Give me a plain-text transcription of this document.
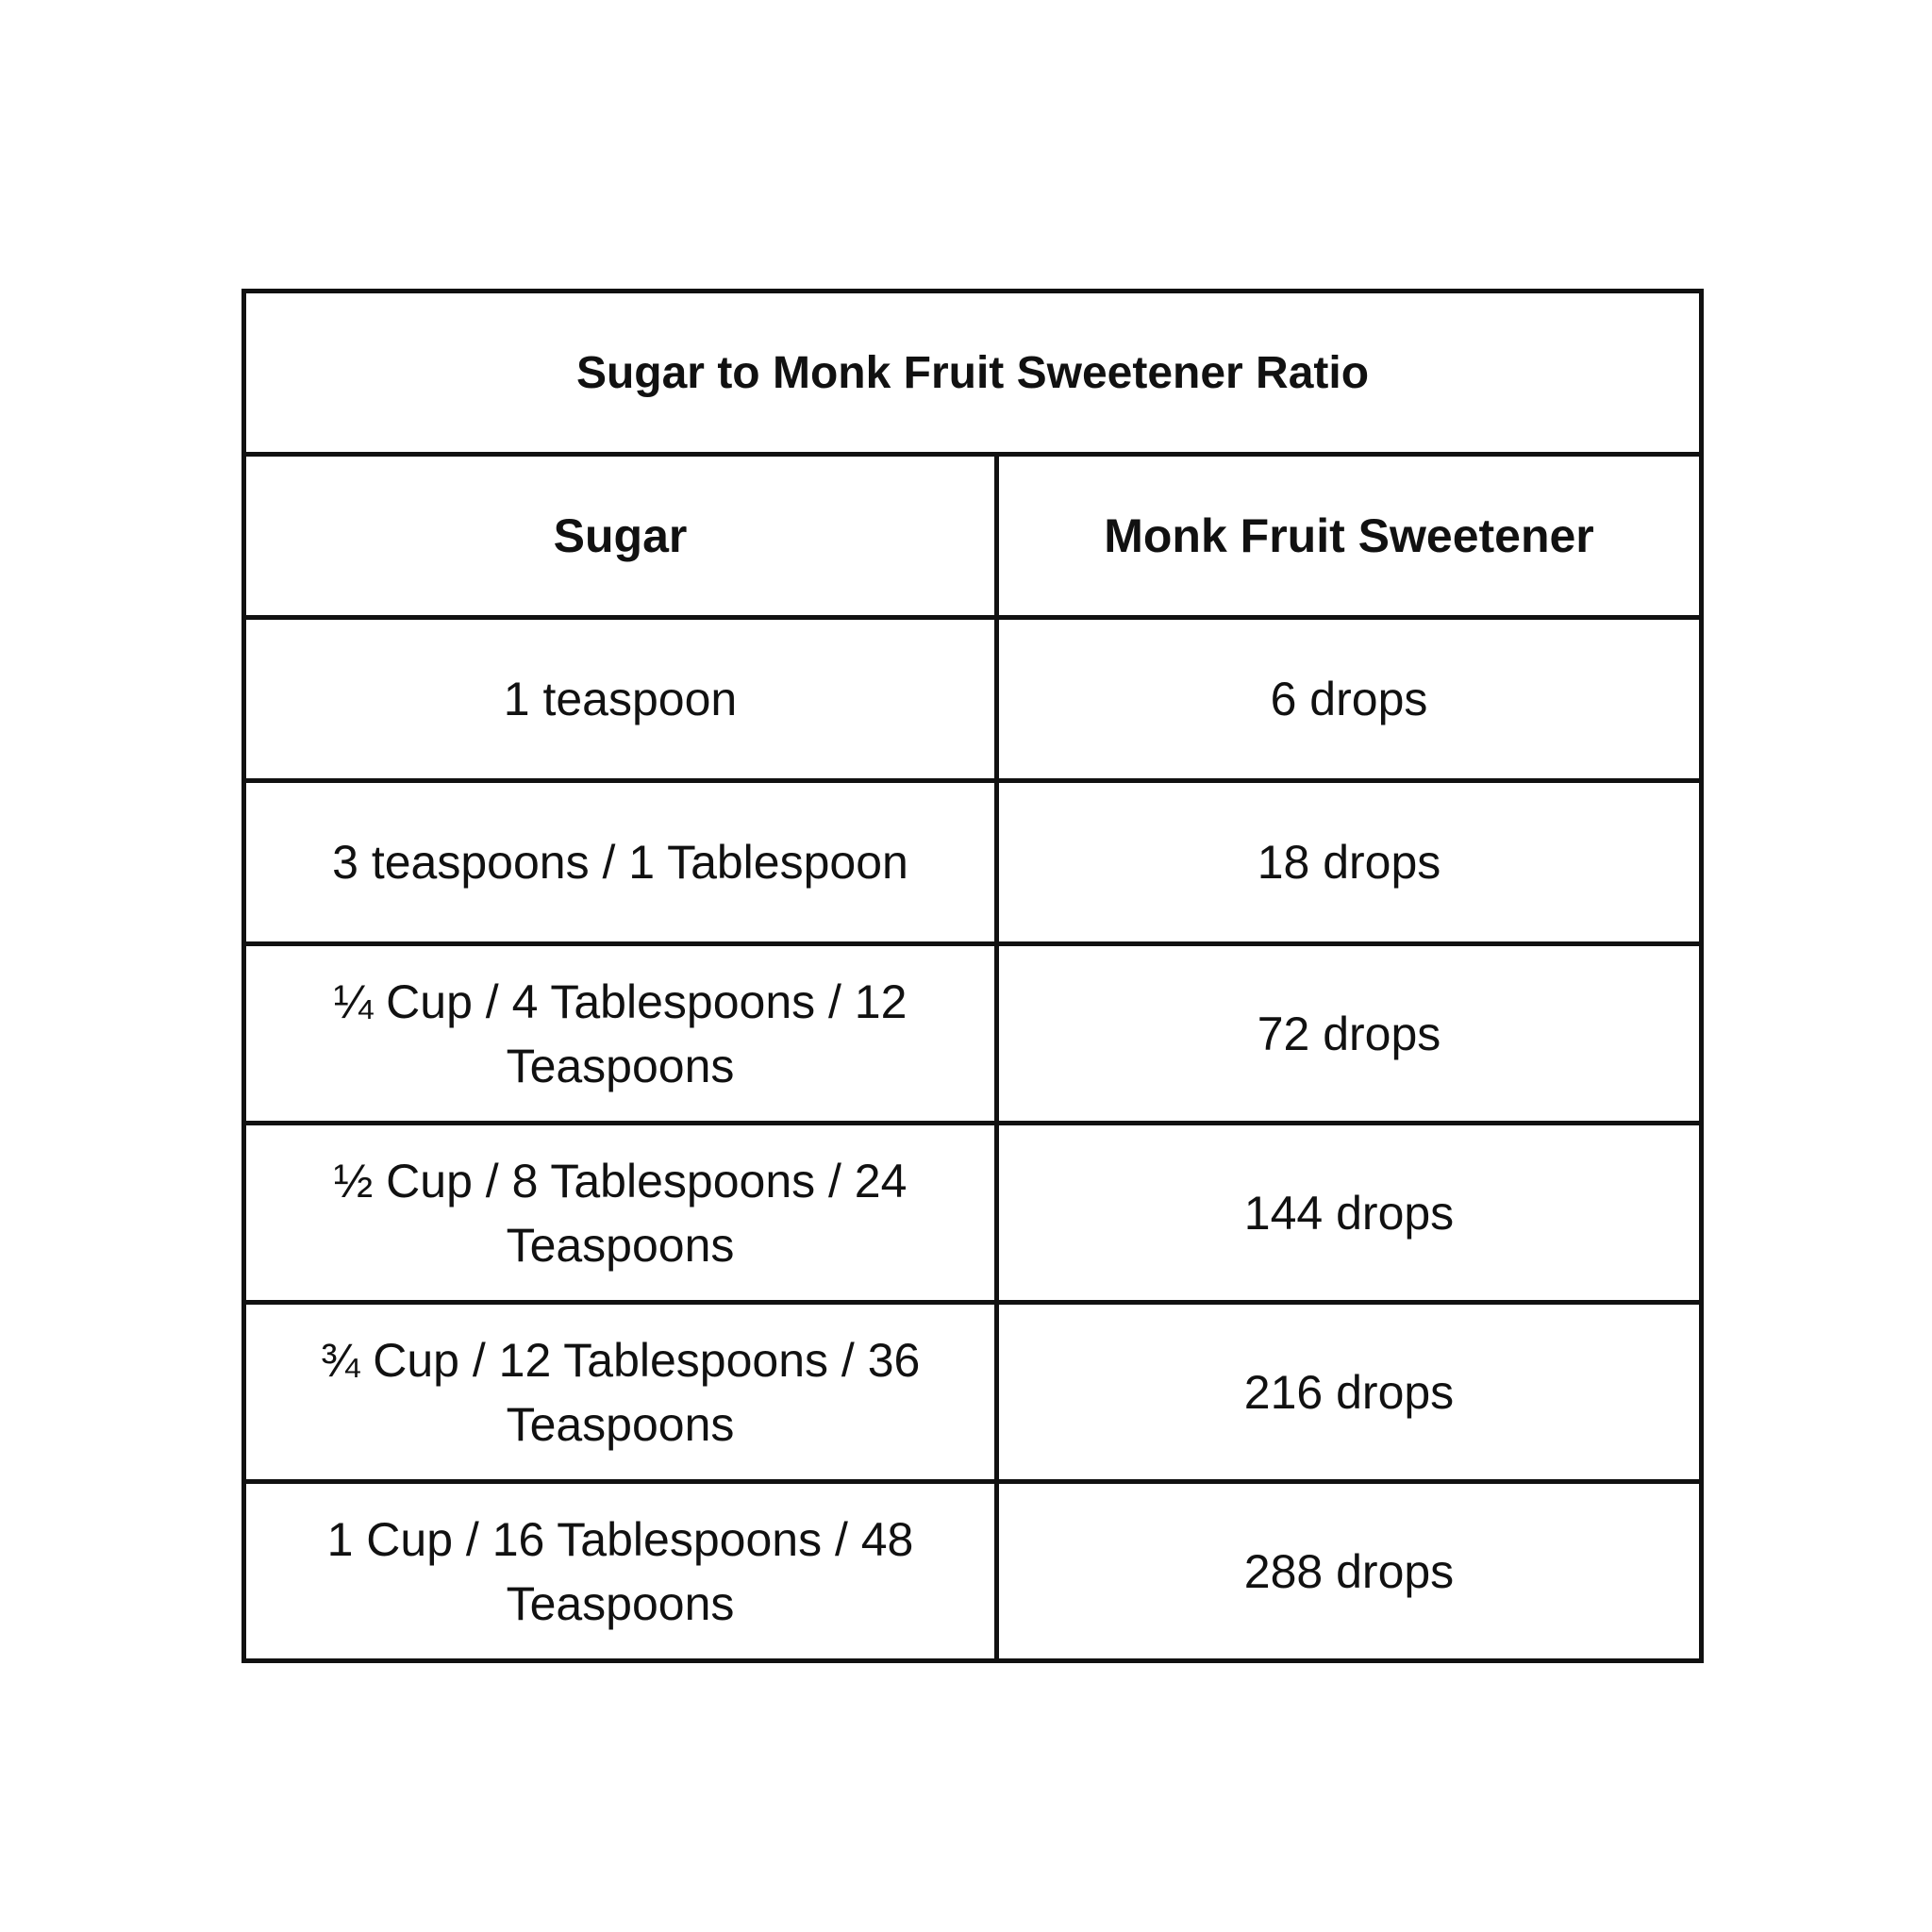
Sugar to Monk Fruit Sweetener Ratio	
Sugar	Monk Fruit Sweetener
1 teaspoon	6 drops
3 teaspoons / 1 Tablespoon	18 drops
¼ Cup / 4 Tablespoons / 12 Teaspoons	72 drops
½ Cup / 8 Tablespoons / 24 Teaspoons	144 drops
¾ Cup / 12 Tablespoons / 36 Teaspoons	216 drops
1 Cup / 16 Tablespoons / 48 Teaspoons	288 drops
